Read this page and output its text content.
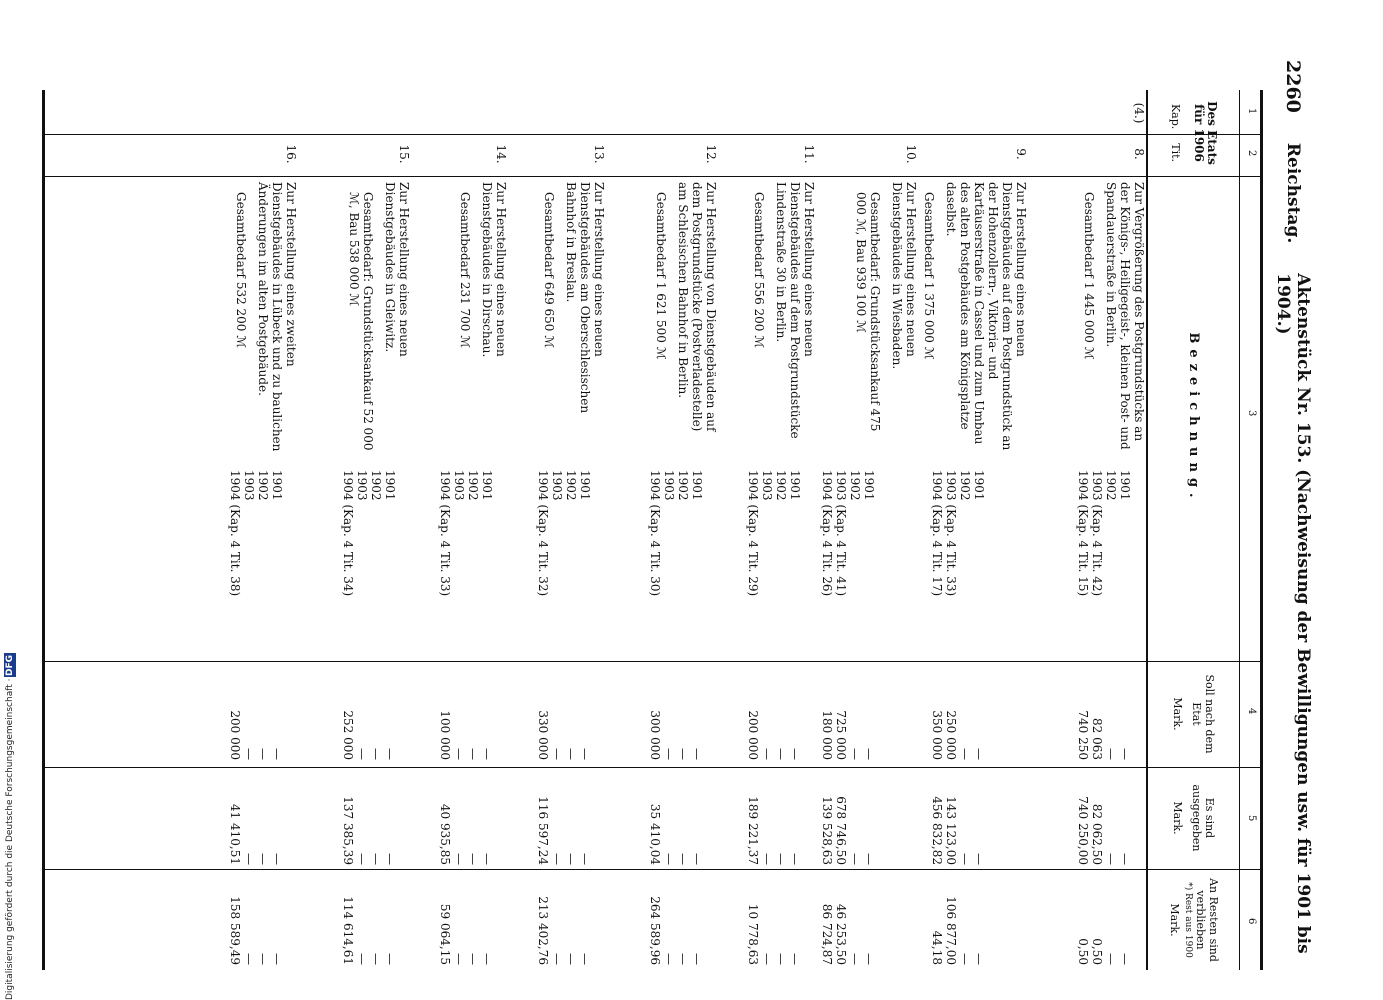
Digitalisierung gefördert durch die Deutsche Forschungsgemeinschaft ·
DFG
2260
Reichstag.
Aktenstück Nr. 153. (Nachweisung der Bewilligungen usw. für 1901 bis 1904.)
1
2
3
4
5
6
Des Etats für 1906
Kap.
Tit.
Bezeichnung.
Soll nach dem Etat
Mark.
Es sind ausgegeben
Mark.
An Resten sind verblieben
*) Rest aus 1900
Mark.
(4.)
8.
Zur Vergrößerung des Postgrundstücks an der Königs-, Heiligegeist-, kleinen Post- und Spandauerstraße in Berlin.
Gesamtbedarf 1 445 000 ℳ
1901
1902
1903 (Kap. 4 Tit. 42)
1904 (Kap. 4 Tit. 15)
—
—
82 063
740 250
—
—
82 062,50
740 250,00
—
—
0,50
0,50
9.
Zur Herstellung eines neuen Dienstgebäudes auf dem Postgrundstück an der Hohenzollern-, Viktoria- und Kartäuserstraße in Cassel und zum Umbau des alten Postgebäudes am Königsplatze daselbst.
Gesamtbedarf 1 375 000 ℳ
1901
1902
1903 (Kap. 4 Tit. 33)
1904 (Kap. 4 Tit. 17)
—
—
250 000
350 000
—
—
143 123,00
456 832,82
—
—
106 877,00
44,18
10.
Zur Herstellung eines neuen Dienstgebäudes in Wiesbaden.
Gesamtbedarf: Grundstücksankauf 475 000 ℳ, Bau 939 100 ℳ
1901
1902
1903 (Kap. 4 Tit. 41)
1904 (Kap. 4 Tit. 26)
—
—
725 000
180 000
—
—
678 746,50
139 528,63
—
—
46 253,50
86 724,87
11.
Zur Herstellung eines neuen Dienstgebäudes auf dem Postgrundstücke Lindenstraße 30 in Berlin.
Gesamtbedarf 556 200 ℳ
1901
1902
1903
1904 (Kap. 4 Tit. 29)
—
—
—
200 000
—
—
—
189 221,37
—
—
—
10 778,63
12.
Zur Herstellung von Dienstgebäuden auf dem Postgrundstücke (Postverladestelle) am Schlesischen Bahnhof in Berlin.
Gesamtbedarf 1 621 500 ℳ
1901
1902
1903
1904 (Kap. 4 Tit. 30)
—
—
—
300 000
—
—
—
35 410,04
—
—
—
264 589,96
13.
Zur Herstellung eines neuen Dienstgebäudes am Oberschlesischen Bahnhof in Breslau.
Gesamtbedarf 649 650 ℳ
1901
1902
1903
1904 (Kap. 4 Tit. 32)
—
—
—
330 000
—
—
—
116 597,24
—
—
—
213 402,76
14.
Zur Herstellung eines neuen Dienstgebäudes in Dirschau.
Gesamtbedarf 231 700 ℳ
1901
1902
1903
1904 (Kap. 4 Tit. 33)
—
—
—
100 000
—
—
—
40 935,85
—
—
—
59 064,15
15.
Zur Herstellung eines neuen Dienstgebäudes in Gleiwitz.
Gesamtbedarf: Grundstücksankauf 52 000 ℳ, Bau 538 000 ℳ
1901
1902
1903
1904 (Kap. 4 Tit. 34)
—
—
—
252 000
—
—
—
137 385,39
—
—
—
114 614,61
16.
Zur Herstellung eines zweiten Dienstgebäudes in Lübeck und zu baulichen Änderungen im alten Postgebäude.
Gesamtbedarf 532 200 ℳ
1901
1902
1903
1904 (Kap. 4 Tit. 38)
—
—
—
200 000
—
—
—
41 410,51
—
—
—
158 589,49
